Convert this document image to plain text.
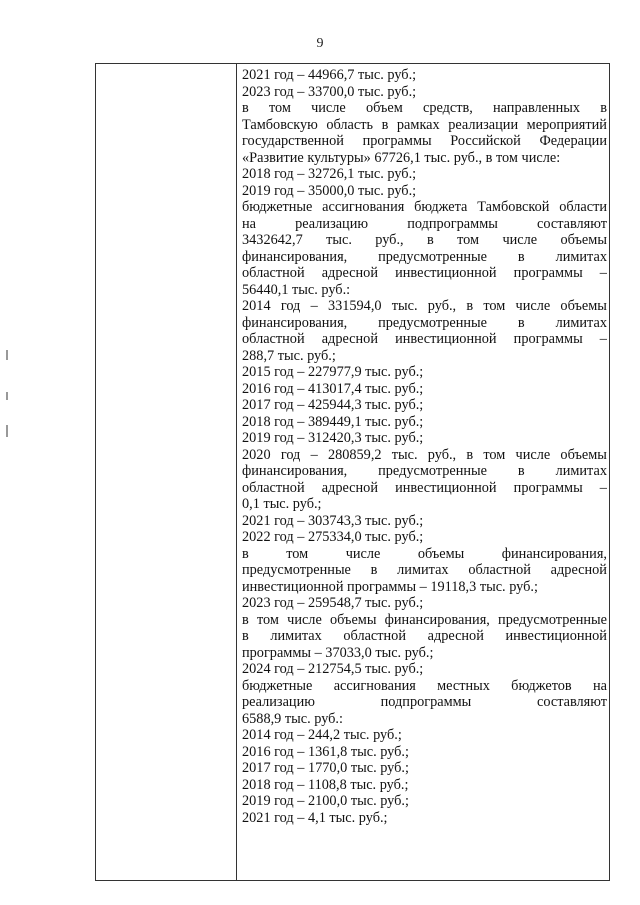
9
2021 год – 44966,7 тыс. руб.;
2023 год – 33700,0 тыс. руб.;
в том числе объем средств, направленных в
Тамбовскую область в рамках реализации мероприятий
государственной программы Российской Федерации
«Развитие культуры» 67726,1 тыс. руб., в том числе:
2018 год – 32726,1 тыс. руб.;
2019 год – 35000,0 тыс. руб.;
бюджетные ассигнования бюджета Тамбовской области
на	реализацию	подпрограммы	составляют
3432642,7 тыс. руб., в том числе объемы
финансирования, предусмотренные в лимитах
областной адресной инвестиционной программы –
56440,1 тыс. руб.:
2014 год – 331594,0 тыс. руб., в том числе объемы
финансирования, предусмотренные в лимитах
областной адресной инвестиционной программы –
288,7 тыс. руб.;
2015 год – 227977,9 тыс. руб.;
2016 год – 413017,4 тыс. руб.;
2017 год – 425944,3 тыс. руб.;
2018 год – 389449,1 тыс. руб.;
2019 год – 312420,3 тыс. руб.;
2020 год – 280859,2 тыс. руб., в том числе объемы
финансирования, предусмотренные в лимитах
областной адресной инвестиционной программы –
0,1 тыс. руб.;
2021 год – 303743,3 тыс. руб.;
2022 год – 275334,0 тыс. руб.;
в	том	числе	объемы	финансирования,
предусмотренные в лимитах областной адресной
инвестиционной программы – 19118,3 тыс. руб.;
2023 год – 259548,7 тыс. руб.;
в том числе объемы финансирования, предусмотренные
в лимитах областной адресной инвестиционной
программы – 37033,0 тыс. руб.;
2024 год – 212754,5 тыс. руб.;
бюджетные ассигнования местных бюджетов на
реализацию	подпрограммы	составляют
6588,9 тыс. руб.:
2014 год – 244,2 тыс. руб.;
2016 год – 1361,8 тыс. руб.;
2017 год – 1770,0 тыс. руб.;
2018 год – 1108,8 тыс. руб.;
2019 год – 2100,0 тыс. руб.;
2021 год – 4,1 тыс. руб.;
